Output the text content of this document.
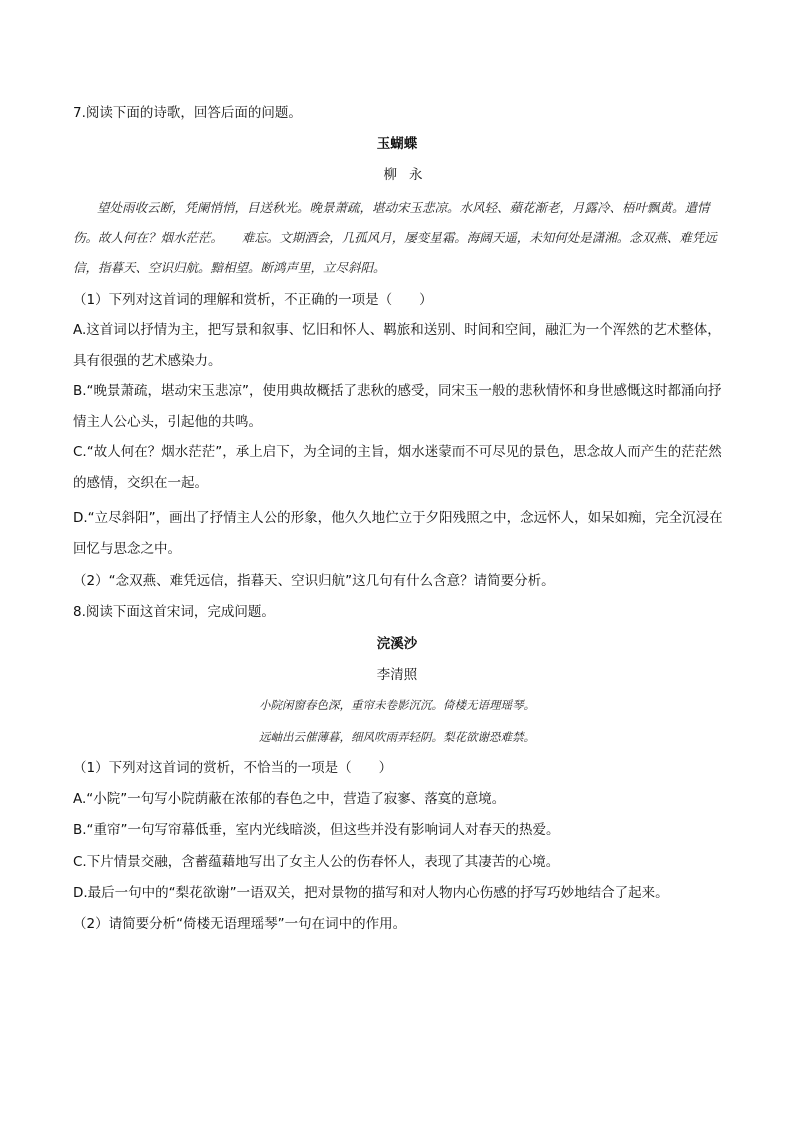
7.阅读下面的诗歌，回答后面的问题。
玉蝴蝶
柳永
望处雨收云断，凭阑悄悄，目送秋光。晚景萧疏，堪动宋玉悲凉。水风轻、蘋花渐老，月露冷、梧叶飘黄。遣情伤。故人何在？烟水茫茫。　　难忘。文期酒会，几孤风月，屡变星霜。海阔天遥，未知何处是潇湘。念双燕、难凭远信，指暮天、空识归航。黯相望。断鸿声里，立尽斜阳。
（1）下列对这首词的理解和赏析，不正确的一项是（　　）
A.这首词以抒情为主，把写景和叙事、忆旧和怀人、羁旅和送别、时间和空间，融汇为一个浑然的艺术整体，具有很强的艺术感染力。
B.“晚景萧疏，堪动宋玉悲凉”，使用典故概括了悲秋的感受，同宋玉一般的悲秋情怀和身世感慨这时都涌向抒情主人公心头，引起他的共鸣。
C.“故人何在？烟水茫茫”，承上启下，为全词的主旨，烟水迷蒙而不可尽见的景色，思念故人而产生的茫茫然的感情，交织在一起。
D.“立尽斜阳”，画出了抒情主人公的形象，他久久地伫立于夕阳残照之中，念远怀人，如呆如痴，完全沉浸在回忆与思念之中。
（2）“念双燕、难凭远信，指暮天、空识归航”这几句有什么含意？请简要分析。
8.阅读下面这首宋词，完成问题。
浣溪沙
李清照
小院闲窗春色深，重帘未卷影沉沉。倚楼无语理瑶琴。
远岫出云催薄暮，细风吹雨弄轻阴。梨花欲谢恐难禁。
（1）下列对这首词的赏析，不恰当的一项是（　　）
A.“小院”一句写小院荫蔽在浓郁的春色之中，营造了寂寥、落寞的意境。
B.“重帘”一句写帘幕低垂，室内光线暗淡，但这些并没有影响词人对春天的热爱。
C.下片情景交融，含蓄蕴藉地写出了女主人公的伤春怀人，表现了其凄苦的心境。
D.最后一句中的“梨花欲谢”一语双关，把对景物的描写和对人物内心伤感的抒写巧妙地结合了起来。
（2）请简要分析“倚楼无语理瑶琴”一句在词中的作用。
